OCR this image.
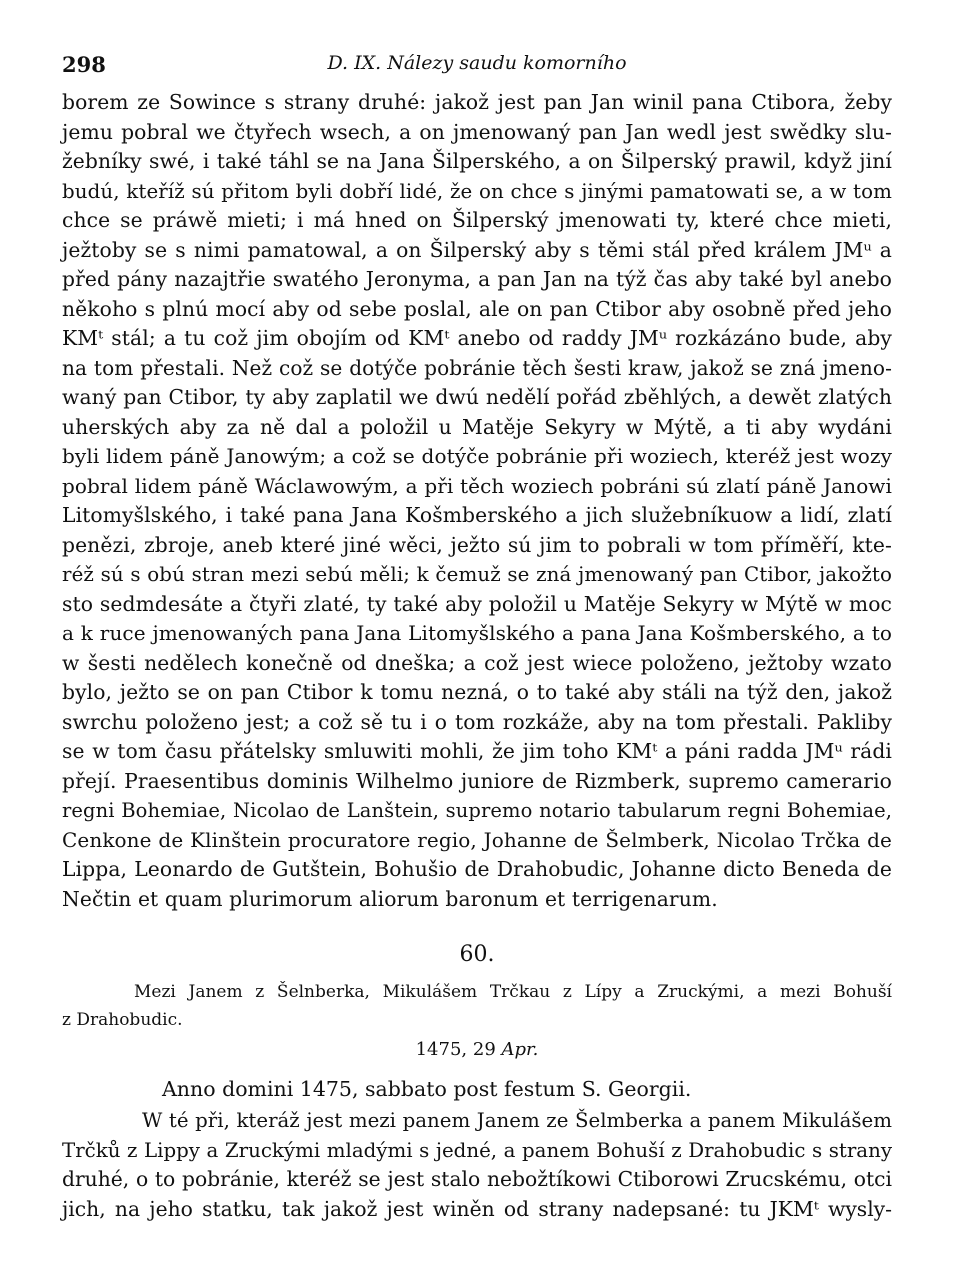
298	D. IX. Nálezy saudu komorního
borem ze Sowince s strany druhé: jakož jest pan Jan winil pana Ctibora, žeby
jemu pobral we čtyřech wsech, a on jmenowaný pan Jan wedl jest swědky slu-
žebníky swé, i také táhl se na Jana Šilperského, a on Šilperský prawil, když jiní
budú, kteříž sú přitom byli dobří lidé, že on chce s jinými pamatowati se, a w tom
chce se práwě mieti; i má hned on Šilperský jmenowati ty, které chce mieti,
ježtoby se s nimi pamatowal, a on Šilperský aby s těmi stál před králem JMᵘ a
před pány nazajtřie swatého Jeronyma, a pan Jan na týž čas aby také byl anebo
někoho s plnú mocí aby od sebe poslal, ale on pan Ctibor aby osobně před jeho
KMᵗ stál; a tu což jim obojím od KMᵗ anebo od raddy JMᵘ rozkázáno bude, aby
na tom přestali. Než což se dotýče pobránie těch šesti kraw, jakož se zná jmeno-
waný pan Ctibor, ty aby zaplatil we dwú nedělí pořád zběhlých, a dewět zlatých
uherských aby za ně dal a položil u Matěje Sekyry w Mýtě, a ti aby wydáni
byli lidem páně Janowým; a což se dotýče pobránie při woziech, kteréž jest wozy
pobral lidem páně Wáclawowým, a při těch woziech pobráni sú zlatí páně Janowi
Litomyšlského, i také pana Jana Košmberského a jich služebníkuow a lidí, zlatí
penězi, zbroje, aneb které jiné wěci, ježto sú jim to pobrali w tom příměří, kte-
réž sú s obú stran mezi sebú měli; k čemuž se zná jmenowaný pan Ctibor, jakožto
sto sedmdesáte a čtyři zlaté, ty také aby položil u Matěje Sekyry w Mýtě w moc
a k ruce jmenowaných pana Jana Litomyšlského a pana Jana Košmberského, a to
w šesti nedělech konečně od dneška; a což jest wiece položeno, ježtoby wzato
bylo, ježto se on pan Ctibor k tomu nezná, o to také aby stáli na týž den, jakož
swrchu položeno jest; a což sě tu i o tom rozkáže, aby na tom přestali. Pakliby
se w tom času přátelsky smluwiti mohli, že jim toho KMᵗ a páni radda JMᵘ rádi
přejí. Praesentibus dominis Wilhelmo juniore de Rizmberk, supremo camerario
regni Bohemiae, Nicolao de Lanštein, supremo notario tabularum regni Bohemiae,
Cenkone de Klinštein procuratore regio, Johanne de Šelmberk, Nicolao Trčka de
Lippa, Leonardo de Gutštein, Bohušio de Drahobudic, Johanne dicto Beneda de
Nečtin et quam plurimorum aliorum baronum et terrigenarum.
60.
Mezi Janem z Šelnberka, Mikulášem Trčkau z Lípy a Zruckými, a mezi Bohuší
z Drahobudic.
1475, 29 Apr.
Anno domini 1475, sabbato post festum S. Georgii.
W té při, kteráž jest mezi panem Janem ze Šelmberka a panem Mikulášem
Trčků z Lippy a Zruckými mladými s jedné, a panem Bohuší z Drahobudic s strany
druhé, o to pobránie, kteréž se jest stalo nebožtíkowi Ctiborowi Zrucskému, otci
jich, na jeho statku, tak jakož jest winěn od strany nadepsané: tu JKMᵗ wysly-
